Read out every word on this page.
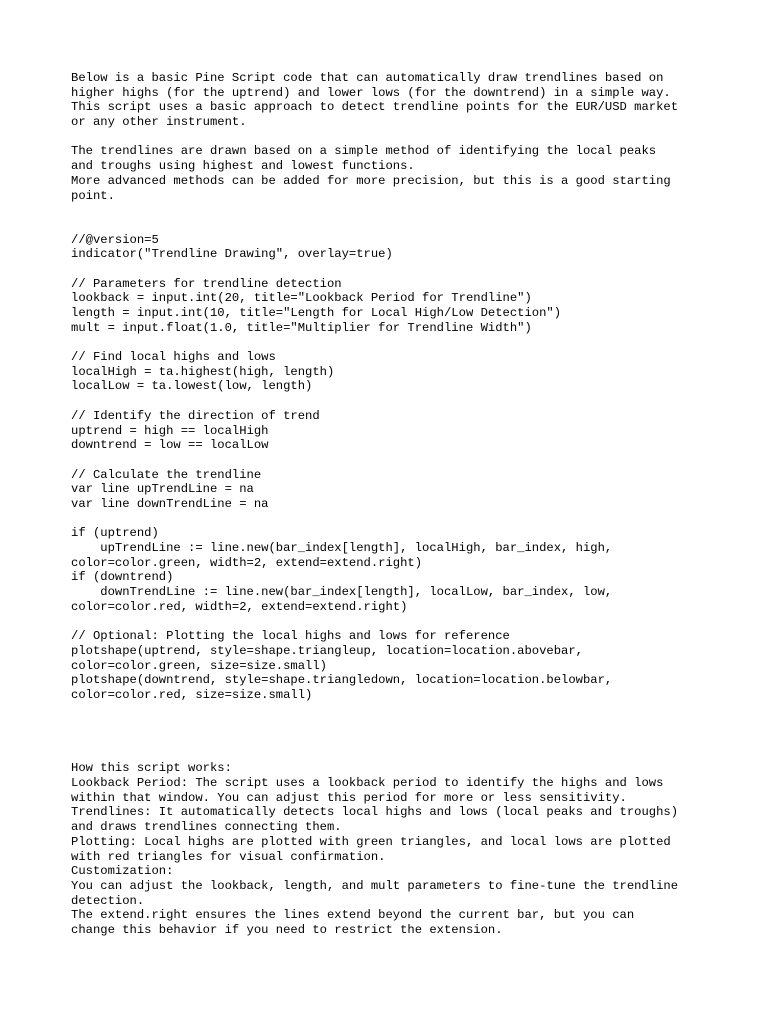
Below is a basic Pine Script code that can automatically draw trendlines based on
higher highs (for the uptrend) and lower lows (for the downtrend) in a simple way.
This script uses a basic approach to detect trendline points for the EUR/USD market
or any other instrument.
The trendlines are drawn based on a simple method of identifying the local peaks
and troughs using highest and lowest functions.
More advanced methods can be added for more precision, but this is a good starting
point.
//@version=5
indicator("Trendline Drawing", overlay=true)
// Parameters for trendline detection
lookback = input.int(20, title="Lookback Period for Trendline")
length = input.int(10, title="Length for Local High/Low Detection")
mult = input.float(1.0, title="Multiplier for Trendline Width")
// Find local highs and lows
localHigh = ta.highest(high, length)
localLow = ta.lowest(low, length)
// Identify the direction of trend
uptrend = high == localHigh
downtrend = low == localLow
// Calculate the trendline
var line upTrendLine = na
var line downTrendLine = na
if (uptrend)
upTrendLine := line.new(bar_index[length], localHigh, bar_index, high,
color=color.green, width=2, extend=extend.right)
if (downtrend)
downTrendLine := line.new(bar_index[length], localLow, bar_index, low,
color=color.red, width=2, extend=extend.right)
// Optional: Plotting the local highs and lows for reference
plotshape(uptrend, style=shape.triangleup, location=location.abovebar,
color=color.green, size=size.small)
plotshape(downtrend, style=shape.triangledown, location=location.belowbar,
color=color.red, size=size.small)
How this script works:
Lookback Period: The script uses a lookback period to identify the highs and lows
within that window. You can adjust this period for more or less sensitivity.
Trendlines: It automatically detects local highs and lows (local peaks and troughs)
and draws trendlines connecting them.
Plotting: Local highs are plotted with green triangles, and local lows are plotted
with red triangles for visual confirmation.
Customization:
You can adjust the lookback, length, and mult parameters to fine-tune the trendline
detection.
The extend.right ensures the lines extend beyond the current bar, but you can
change this behavior if you need to restrict the extension.
